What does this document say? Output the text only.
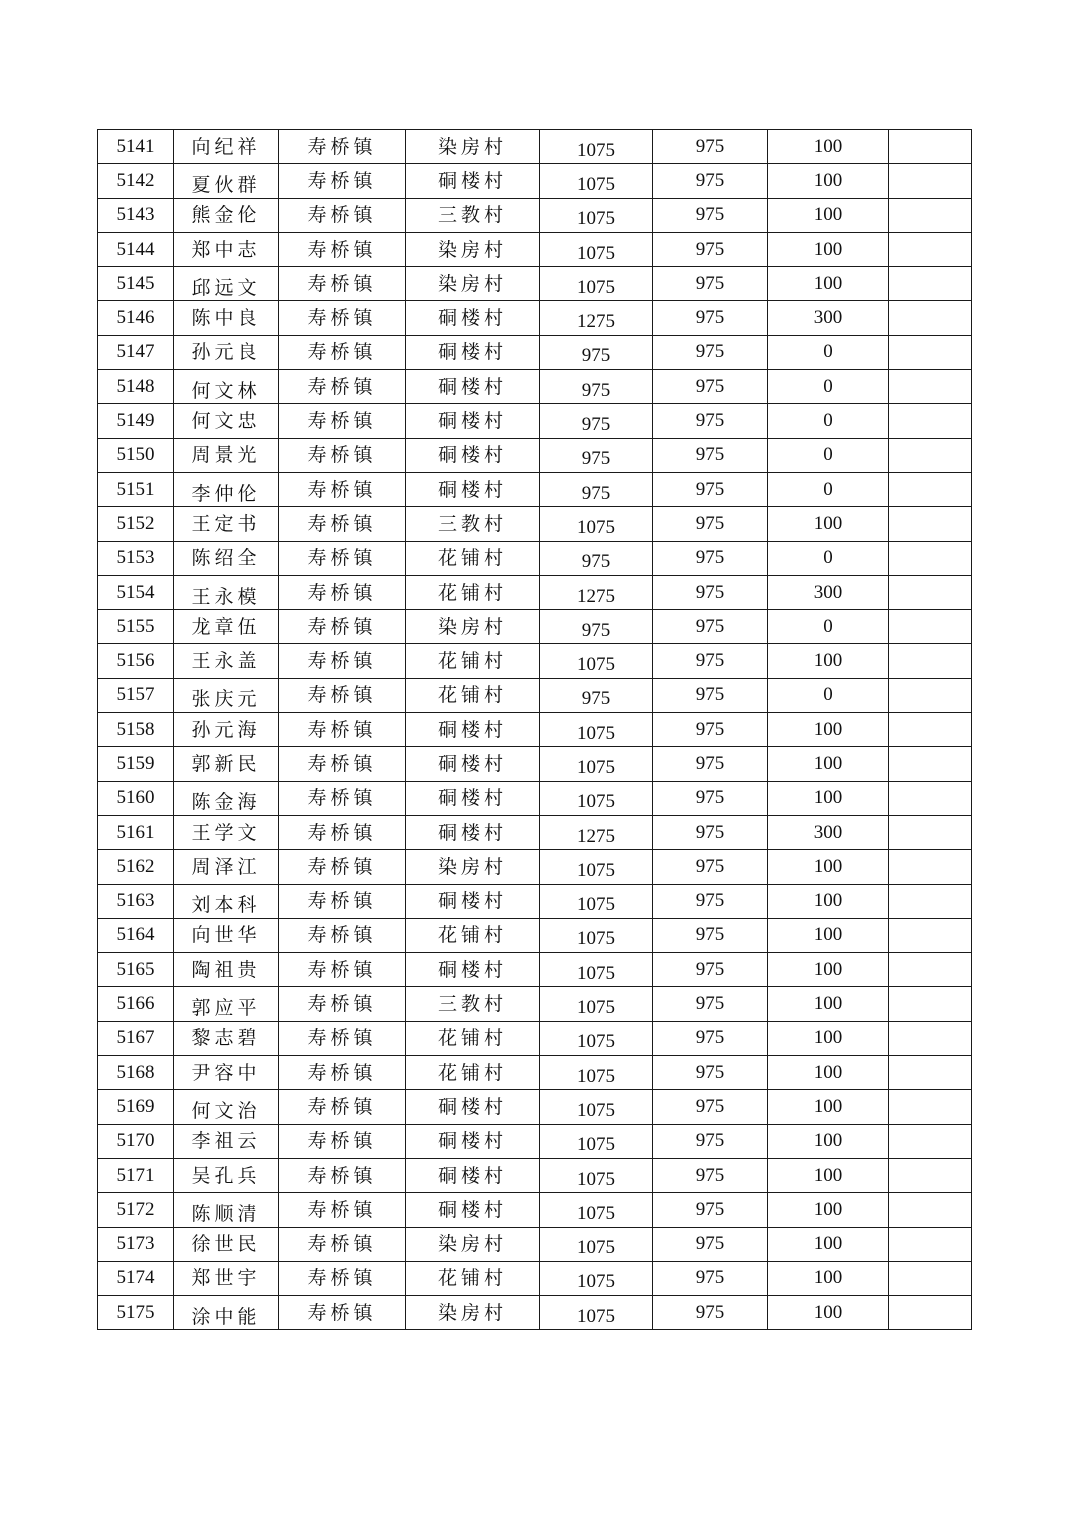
5141	向纪祥	寿桥镇	染房村	1075	975	100	
5142	夏伙群	寿桥镇	硐楼村	1075	975	100	
5143	熊金伦	寿桥镇	三教村	1075	975	100	
5144	郑中志	寿桥镇	染房村	1075	975	100	
5145	邱远文	寿桥镇	染房村	1075	975	100	
5146	陈中良	寿桥镇	硐楼村	1275	975	300	
5147	孙元良	寿桥镇	硐楼村	975	975	0	
5148	何文林	寿桥镇	硐楼村	975	975	0	
5149	何文忠	寿桥镇	硐楼村	975	975	0	
5150	周景光	寿桥镇	硐楼村	975	975	0	
5151	李仲伦	寿桥镇	硐楼村	975	975	0	
5152	王定书	寿桥镇	三教村	1075	975	100	
5153	陈绍全	寿桥镇	花铺村	975	975	0	
5154	王永模	寿桥镇	花铺村	1275	975	300	
5155	龙章伍	寿桥镇	染房村	975	975	0	
5156	王永盖	寿桥镇	花铺村	1075	975	100	
5157	张庆元	寿桥镇	花铺村	975	975	0	
5158	孙元海	寿桥镇	硐楼村	1075	975	100	
5159	郭新民	寿桥镇	硐楼村	1075	975	100	
5160	陈金海	寿桥镇	硐楼村	1075	975	100	
5161	王学文	寿桥镇	硐楼村	1275	975	300	
5162	周泽江	寿桥镇	染房村	1075	975	100	
5163	刘本科	寿桥镇	硐楼村	1075	975	100	
5164	向世华	寿桥镇	花铺村	1075	975	100	
5165	陶祖贵	寿桥镇	硐楼村	1075	975	100	
5166	郭应平	寿桥镇	三教村	1075	975	100	
5167	黎志碧	寿桥镇	花铺村	1075	975	100	
5168	尹容中	寿桥镇	花铺村	1075	975	100	
5169	何文治	寿桥镇	硐楼村	1075	975	100	
5170	李祖云	寿桥镇	硐楼村	1075	975	100	
5171	吴孔兵	寿桥镇	硐楼村	1075	975	100	
5172	陈顺清	寿桥镇	硐楼村	1075	975	100	
5173	徐世民	寿桥镇	染房村	1075	975	100	
5174	郑世宇	寿桥镇	花铺村	1075	975	100	
5175	涂中能	寿桥镇	染房村	1075	975	100	
